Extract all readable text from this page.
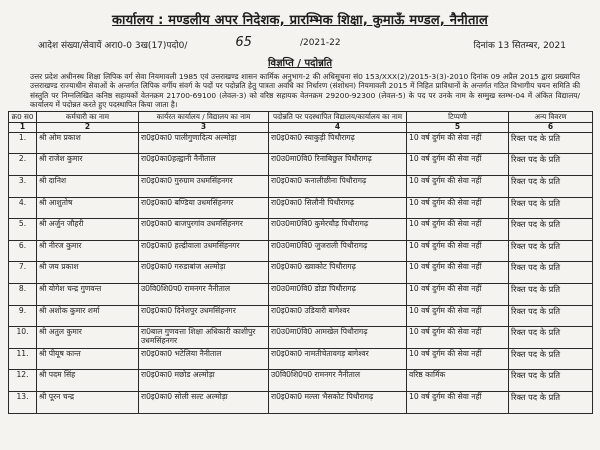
कार्यालय : मण्डलीय अपर निदेशक, प्रारम्भिक शिक्षा, कुमाऊँ मण्डल, नैनीताल
आदेश संख्या/सेवायें अरा0-0 3ख(17)पदो0/	65	/2021-22	दिनांक 13 सितम्बर, 2021
विज्ञप्ति / पदोन्नति

उत्तर प्रदेश अधीनस्थ शिक्षा लिपिक वर्ग सेवा नियमावली 1985 एवं उत्तराखण्ड शासन कार्मिक अनुभाग-2 की अधिसूचना सं0 153/XXX(2)/2015-3(3)-2010 दिनांक 09 अप्रैल 2015 द्वारा प्रख्यापित उत्तराखण्ड राज्याधीन सेवाओं के अन्तर्गत लिपिक वर्गीय संवर्ग के पदों पर पदोन्नति हेतु पात्रता अवधि का निर्धारण (संशोधन) नियमावली 2015 में निहित प्राविधानों के अन्तर्गत गठित विभागीय चयन समिति की संस्तुति पर निम्नलिखित कनिष्ठ सहायकों वेतनक्रम 21700-69100 (लेवल-3) को वरिष्ठ सहायक वेतनक्रम 29200-92300 (लेवल-5) के पद पर उनके नाम के सम्मुख स्तम्भ-04 में अंकित विद्यालय/कार्यालय में पदोन्नत करते हुए पदस्थापित किया जाता है।

क्र0 स0	कर्मचारी का नाम	कार्यरत कार्यालय / विद्यालय का नाम	पदोन्नति पर पदस्थापित विद्यालय/कार्यालय का नाम	टिप्पणी	अन्य विवरण
1	2	3	4	5	6
1.	श्री ओम प्रकाश	रा0इ0का0 पालीगुणादित्य अल्मोड़ा	रा0इ0का0 स्याकुड़ी पिथौरागढ़	10 वर्ष दुर्गम की सेवा नहीं	रिक्त पद के प्रति
2.	श्री राजेश कुमार	रा0इ0का0हल्द्वानी नैनीताल	रा0उ0मा0वि0 रिनाबिछुल पिथौरागढ़	10 वर्ष दुर्गम की सेवा नहीं	रिक्त पद के प्रति
3.	श्री दानिश	रा0इ0का0 गुरुग्राम उधमसिंहनगर	रा0इ0का0 कनालीछीना पिथौरागढ़	10 वर्ष दुर्गम की सेवा नहीं	रिक्त पद के प्रति
4.	श्री आशुतोष	रा0इ0का0 बण्डिया उधमसिंहनगर	रा0इ0का0 सिलौनी पिथौरागढ़	10 वर्ष दुर्गम की सेवा नहीं	रिक्त पद के प्रति
5.	श्री अर्जुन जौहरी	रा0इ0का0 बाजपुरगांव उधमसिंहनगर	रा0उ0मा0वि0 कुमेरचौड़ पिथौरागढ़	10 वर्ष दुर्गम की सेवा नहीं	रिक्त पद के प्रति
6.	श्री नीरज कुमार	रा0इ0का0 हल्द्रीवाला उधमसिंहनगर	रा0उ0मा0वि0 जुजराली पिथौरागढ़	10 वर्ष दुर्गम की सेवा नहीं	रिक्त पद के प्रति
7.	श्री जय प्रकाश	रा0इ0का0 गरुडाबांज अल्मोड़ा	रा0इ0का0 ख्वाकोट पिथौरागढ़	10 वर्ष दुर्गम की सेवा नहीं	रिक्त पद के प्रति
8.	श्री योगेश चन्द्र गुणवन्त	उ0वि0शि0प0 रामनगर नैनीताल	रा0उ0मा0वि0 डोडा पिथौरागढ़	10 वर्ष दुर्गम की सेवा नहीं	रिक्त पद के प्रति
9.	श्री अशोक कुमार शर्मा	रा0इ0का0 दिनेशपुर उधमसिंहनगर	रा0इ0का0 उडियारी बागेश्वर	10 वर्ष दुर्गम की सेवा नहीं	रिक्त पद के प्रति
10.	श्री अतुल कुमार	रा0बाल गुणवत्ता शिक्षा अधिकारी काशीपुर उधमसिंहनगर	रा0उ0मा0वि0 आमखेल पिथौरागढ़	10 वर्ष दुर्गम की सेवा नहीं	रिक्त पद के प्रति
11.	श्री पीयूष कान्त	रा0इ0का0 भटेलिया नैनीताल	रा0इ0का0 नामतीचेतावगड़ बागेश्वर	10 वर्ष दुर्गम की सेवा नहीं	रिक्त पद के प्रति
12.	श्री पदम सिंह	रा0इ0का0 मछोड अल्मोड़ा	उ0वि0शि0प0 रामनगर नैनीताल	वरिष्ठ कार्मिक	रिक्त पद के प्रति
13.	श्री पूरन चन्द्र	रा0इ0का0 सोली सल्ट अल्मोड़ा	रा0इ0का0 मल्ला भैसकोट पिथौरागढ़	10 वर्ष दुर्गम की सेवा नहीं	रिक्त पद के प्रति
